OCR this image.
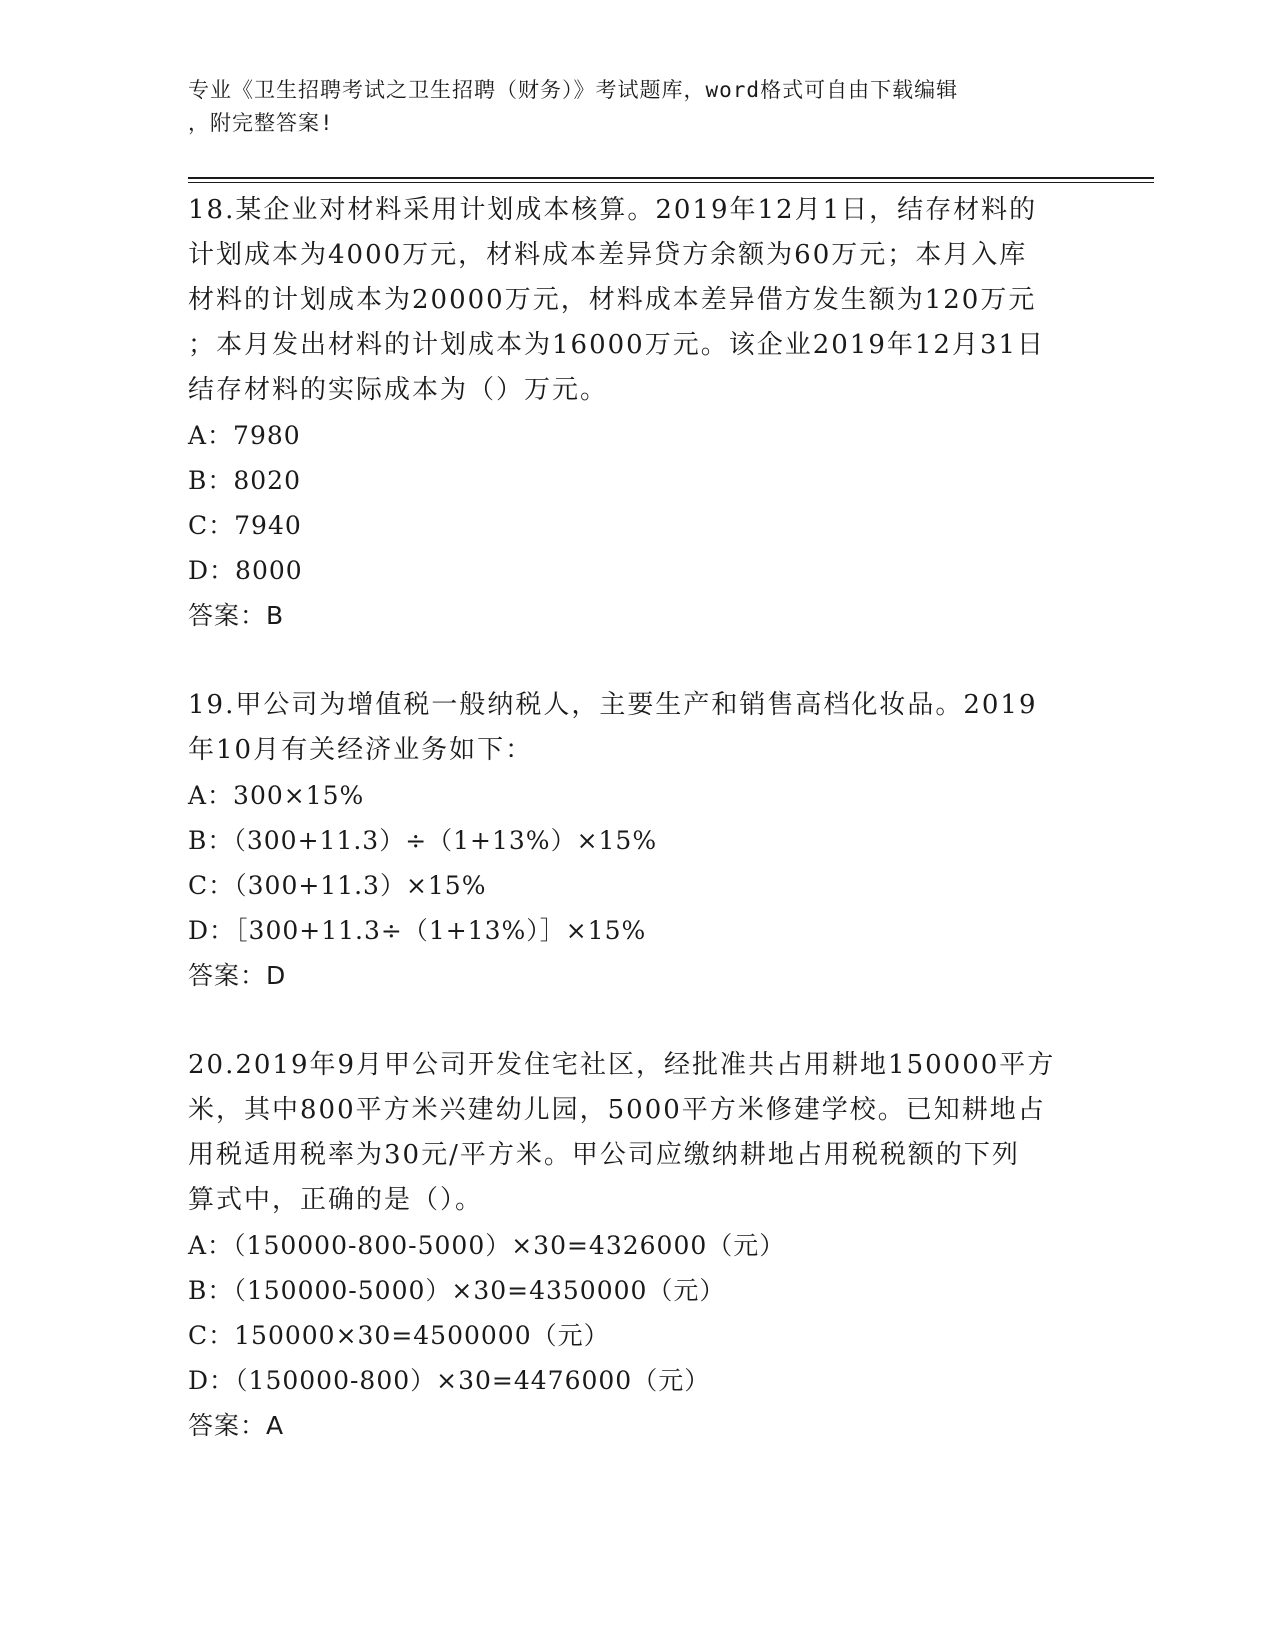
专业《卫生招聘考试之卫生招聘（财务）》考试题库，word格式可自由下载编辑
，附完整答案!
18.某企业对材料采用计划成本核算。2019年12月1日，结存材料的
计划成本为4000万元，材料成本差异贷方余额为60万元；本月入库
材料的计划成本为20000万元，材料成本差异借方发生额为120万元
；本月发出材料的计划成本为16000万元。该企业2019年12月31日
结存材料的实际成本为（）万元。
A：7980
B：8020
C：7940
D：8000
答案：B
19.甲公司为增值税一般纳税人，主要生产和销售高档化妆品。2019
年10月有关经济业务如下：
A：300×15%
B：（300+11.3）÷（1+13%）×15%
C：（300+11.3）×15%
D：［300+11.3÷（1+13%）］×15%
答案：D
20.2019年9月甲公司开发住宅社区，经批准共占用耕地150000平方
米，其中800平方米兴建幼儿园，5000平方米修建学校。已知耕地占
用税适用税率为30元/平方米。甲公司应缴纳耕地占用税税额的下列
算式中，正确的是（）。
A：（150000-800-5000）×30=4326000（元）
B：（150000-5000）×30=4350000（元）
C：150000×30=4500000（元）
D：（150000-800）×30=4476000（元）
答案：A
